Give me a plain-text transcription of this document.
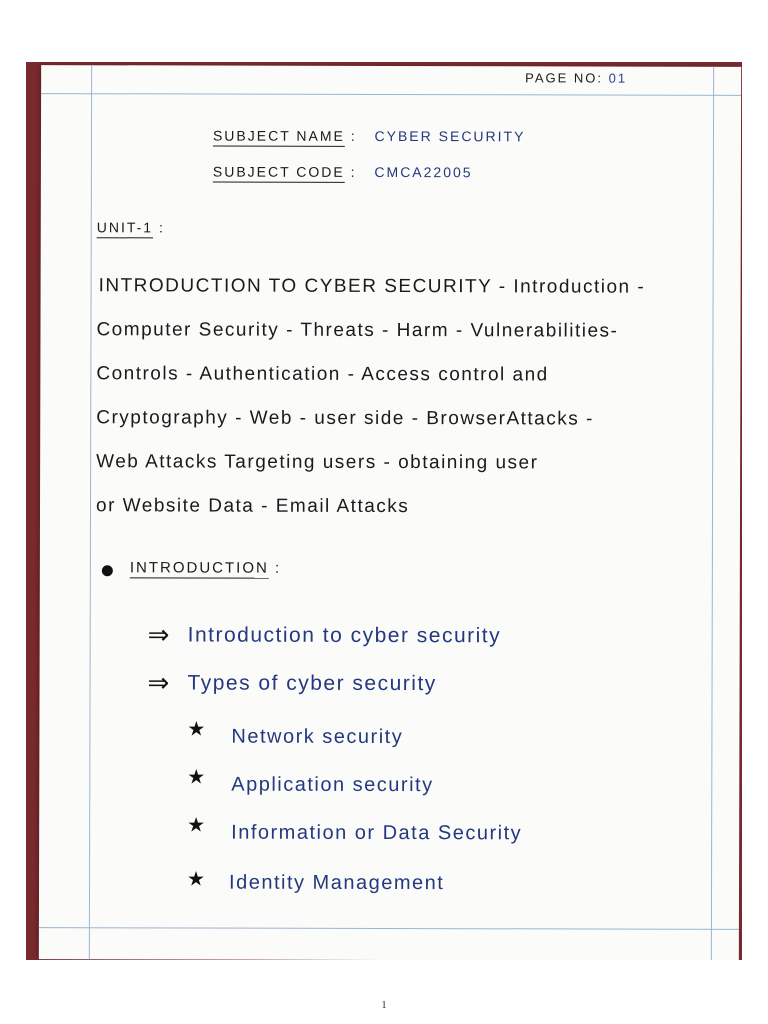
PAGE NO: 01
SUBJECT NAME : CYBER SECURITY
SUBJECT CODE : CMCA22005
UNIT-1 :
INTRODUCTION TO CYBER SECURITY - Introduction -
Computer Security - Threats - Harm - Vulnerabilities-
Controls - Authentication - Access control and
Cryptography - Web - user side - BrowserAttacks -
Web Attacks Targeting users - obtaining user
or Website Data - Email Attacks
INTRODUCTION :
⇒ Introduction to cyber security
⇒ Types of cyber security
★ Network security
★ Application security
★ Information or Data Security
★ Identity Management
1
